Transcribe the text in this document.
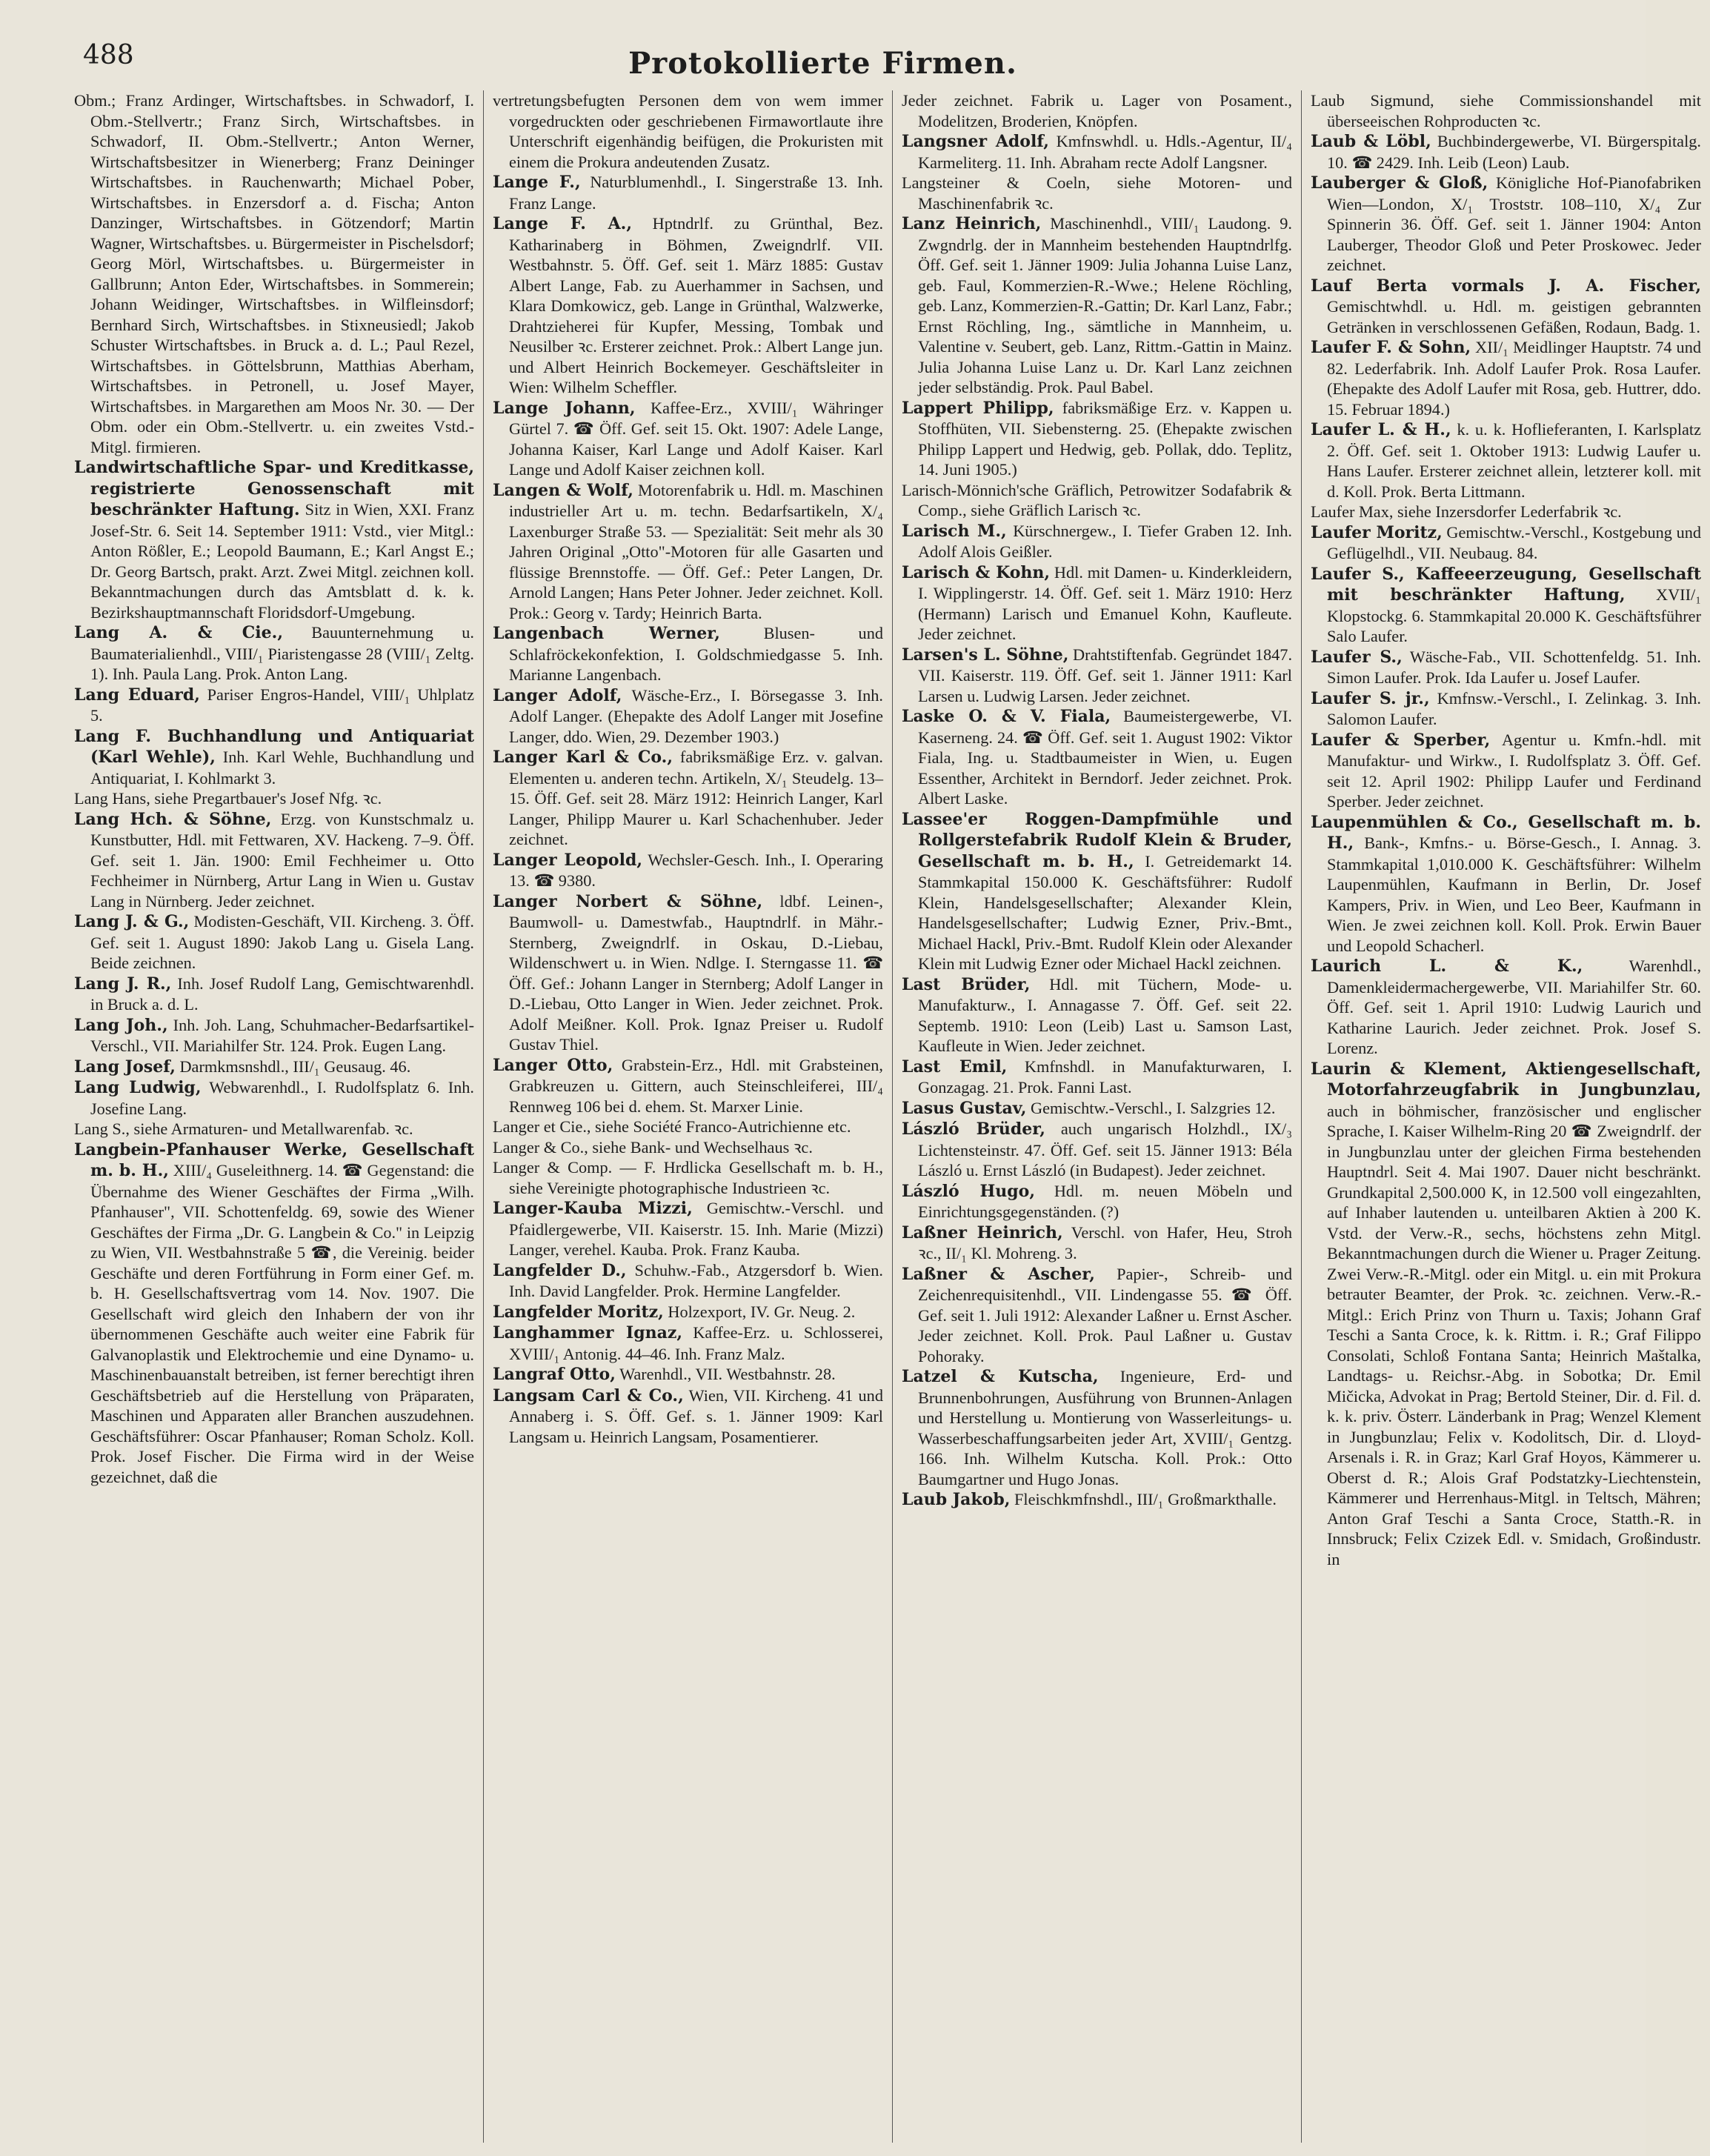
488	Protokollierte Firmen.

Obm.; Franz Ardinger, Wirtschaftsbes. in Schwadorf, I. Obm.-Stellvertr.; Franz Sirch, Wirtschaftsbes. in Schwadorf, II. Obm.-Stellvertr.; Anton Werner, Wirtschaftsbesitzer in Wienerberg; Franz Deininger Wirtschaftsbes. in Rauchenwarth; Michael Pober, Wirtschaftsbes. in Enzersdorf a. d. Fischa; Anton Danzinger, Wirtschaftsbes. in Götzendorf; Martin Wagner, Wirtschaftsbes. u. Bürgermeister in Pischelsdorf; Georg Mörl, Wirtschaftsbes. u. Bürgermeister in Gallbrunn; Anton Eder, Wirtschaftsbes. in Sommerein; Johann Weidinger, Wirtschaftsbes. in Wilfleinsdorf; Bernhard Sirch, Wirtschaftsbes. in Stixneusiedl; Jakob Schuster Wirtschaftsbes. in Bruck a. d. L.; Paul Rezel, Wirtschaftsbes. in Göttelsbrunn, Matthias Aberham, Wirtschaftsbes. in Petronell, u. Josef Mayer, Wirtschaftsbes. in Margarethen am Moos Nr. 30. — Der Obm. oder ein Obm.-Stellvertr. u. ein zweites Vstd.-Mitgl. firmieren.

Landwirtschaftliche Spar- und Kreditkasse, registrierte Genossenschaft mit beschränkter Haftung. Sitz in Wien, XXI. Franz Josef-Str. 6. Seit 14. September 1911: Vstd., vier Mitgl.: Anton Rößler, E.; Leopold Baumann, E.; Karl Angst E.; Dr. Georg Bartsch, prakt. Arzt. Zwei Mitgl. zeichnen koll. Bekanntmachungen durch das Amtsblatt d. k. k. Bezirkshauptmannschaft Floridsdorf-Umgebung.

Lang A. & Cie., Bauunternehmung u. Baumaterialienhdl., VIII/₁ Piaristengasse 28 (VIII/₁ Zeltg. 1). Inh. Paula Lang. Prok. Anton Lang.

Lang Eduard, Pariser Engros-Handel, VIII/₁ Uhlplatz 5.

Lang F. Buchhandlung und Antiquariat (Karl Wehle), Inh. Karl Wehle, Buchhandlung und Antiquariat, I. Kohlmarkt 3.

Lang Hans, siehe Pregartbauer's Josef Nfg. ꝛc.

Lang Hch. & Söhne, Erzg. von Kunstschmalz u. Kunstbutter, Hdl. mit Fettwaren, XV. Hackeng. 7–9. Öff. Gef. seit 1. Jän. 1900: Emil Fechheimer u. Otto Fechheimer in Nürnberg, Artur Lang in Wien u. Gustav Lang in Nürnberg. Jeder zeichnet.

Lang J. & G., Modisten-Geschäft, VII. Kircheng. 3. Öff. Gef. seit 1. August 1890: Jakob Lang u. Gisela Lang. Beide zeichnen.

Lang J. R., Inh. Josef Rudolf Lang, Gemischtwarenhdl. in Bruck a. d. L.

Lang Joh., Inh. Joh. Lang, Schuhmacher-Bedarfsartikel-Verschl., VII. Mariahilfer Str. 124. Prok. Eugen Lang.

Lang Josef, Darmkmsnshdl., III/₁ Geusaug. 46.

Lang Ludwig, Webwarenhdl., I. Rudolfsplatz 6. Inh. Josefine Lang.

Lang S., siehe Armaturen- und Metallwarenfab. ꝛc.

Langbein-Pfanhauser Werke, Gesellschaft m. b. H., XIII/₄ Guseleithnerg. 14. ☎ Gegenstand: die Übernahme des Wiener Geschäftes der Firma „Wilh. Pfanhauser", VII. Schottenfeldg. 69, sowie des Wiener Geschäftes der Firma „Dr. G. Langbein & Co." in Leipzig zu Wien, VII. Westbahnstraße 5 ☎, die Vereinig. beider Geschäfte und deren Fortführung in Form einer Gef. m. b. H. Gesellschaftsvertrag vom 14. Nov. 1907. Die Gesellschaft wird gleich den Inhabern der von ihr übernommenen Geschäfte auch weiter eine Fabrik für Galvanoplastik und Elektrochemie und eine Dynamo- u. Maschinenbauanstalt betreiben, ist ferner berechtigt ihren Geschäftsbetrieb auf die Herstellung von Präparaten, Maschinen und Apparaten aller Branchen auszudehnen. Geschäftsführer: Oscar Pfanhauser; Roman Scholz. Koll. Prok. Josef Fischer. Die Firma wird in der Weise gezeichnet, daß die

vertretungsbefugten Personen dem von wem immer vorgedruckten oder geschriebenen Firmawortlaute ihre Unterschrift eigenhändig beifügen, die Prokuristen mit einem die Prokura andeutenden Zusatz.

Lange F., Naturblumenhdl., I. Singerstraße 13. Inh. Franz Lange.

Lange F. A., Hptndrlf. zu Grünthal, Bez. Katharinaberg in Böhmen, Zweigndrlf. VII. Westbahnstr. 5. Öff. Gef. seit 1. März 1885: Gustav Albert Lange, Fab. zu Auerhammer in Sachsen, und Klara Domkowicz, geb. Lange in Grünthal, Walzwerke, Drahtzieherei für Kupfer, Messing, Tombak und Neusilber ꝛc. Ersterer zeichnet. Prok.: Albert Lange jun. und Albert Heinrich Bockemeyer. Geschäftsleiter in Wien: Wilhelm Scheffler.

Lange Johann, Kaffee-Erz., XVIII/₁ Währinger Gürtel 7. ☎ Öff. Gef. seit 15. Okt. 1907: Adele Lange, Johanna Kaiser, Karl Lange und Adolf Kaiser. Karl Lange und Adolf Kaiser zeichnen koll.

Langen & Wolf, Motorenfabrik u. Hdl. m. Maschinen industrieller Art u. m. techn. Bedarfsartikeln, X/₄ Laxenburger Straße 53. — Spezialität: Seit mehr als 30 Jahren Original „Otto"-Motoren für alle Gasarten und flüssige Brennstoffe. — Öff. Gef.: Peter Langen, Dr. Arnold Langen; Hans Peter Johner. Jeder zeichnet. Koll. Prok.: Georg v. Tardy; Heinrich Barta.

Langenbach Werner,	Blusen- und Schlafröckekonfektion, I. Goldschmiedgasse 5. Inh. Marianne Langenbach.

Langer Adolf, Wäsche-Erz., I. Börsegasse 3. Inh. Adolf Langer. (Ehepakte des Adolf Langer mit Josefine Langer, ddo. Wien, 29. Dezember 1903.)

Langer Karl & Co., fabriksmäßige Erz. v. galvan. Elementen u. anderen techn. Artikeln, X/₁ Steudelg. 13–15. Öff. Gef. seit 28. März 1912: Heinrich Langer, Karl Langer, Philipp Maurer u. Karl Schachenhuber. Jeder zeichnet.

Langer Leopold, Wechsler-Gesch. Inh., I. Operaring 13. ☎ 9380.

Langer Norbert & Söhne, ldbf. Leinen-, Baumwoll- u. Damestwfab., Hauptndrlf. in Mähr.-Sternberg, Zweigndrlf. in Oskau, D.-Liebau, Wildenschwert u. in Wien. Ndlge. I. Sterngasse 11. ☎ Öff. Gef.: Johann Langer in Sternberg; Adolf Langer in D.-Liebau, Otto Langer in Wien. Jeder zeichnet. Prok. Adolf Meißner. Koll. Prok. Ignaz Preiser u. Rudolf Gustav Thiel.

Langer Otto, Grabstein-Erz., Hdl. mit Grabsteinen, Grabkreuzen u. Gittern, auch Steinschleiferei, III/₄ Rennweg 106 bei d. ehem. St. Marxer Linie.

Langer et Cie., siehe Société Franco-Autrichienne etc.

Langer & Co., siehe Bank- und Wechselhaus ꝛc.

Langer & Comp. — F. Hrdlicka Gesellschaft m. b. H., siehe Vereinigte photographische Industrieen ꝛc.

Langer-Kauba Mizzi, Gemischtw.-Verschl. und Pfaidlergewerbe, VII. Kaiserstr. 15. Inh. Marie (Mizzi) Langer, verehel. Kauba. Prok. Franz Kauba.

Langfelder D., Schuhw.-Fab., Atzgersdorf b. Wien. Inh. David Langfelder. Prok. Hermine Langfelder.

Langfelder Moritz, Holzexport, IV. Gr. Neug. 2.

Langhammer Ignaz, Kaffee-Erz. u. Schlosserei, XVIII/₁ Antonig. 44–46. Inh. Franz Malz.

Langraf Otto, Warenhdl., VII. Westbahnstr. 28.

Langsam Carl & Co., Wien, VII. Kircheng. 41 und Annaberg i. S. Öff. Gef. s. 1. Jänner 1909: Karl Langsam u. Heinrich Langsam, Posamentierer.

Jeder zeichnet. Fabrik u. Lager von Posament., Modelitzen, Broderien, Knöpfen.

Langsner Adolf, Kmfnswhdl. u. Hdls.-Agentur, II/₄ Karmeliterg. 11. Inh. Abraham recte Adolf Langsner.

Langsteiner & Coeln, siehe Motoren- und Maschinenfabrik ꝛc.

Lanz Heinrich, Maschinenhdl., VIII/₁ Laudong. 9. Zwgndrlg. der in Mannheim bestehenden Hauptndrlfg. Öff. Gef. seit 1. Jänner 1909: Julia Johanna Luise Lanz, geb. Faul, Kommerzien-R.-Wwe.; Helene Röchling, geb. Lanz, Kommerzien-R.-Gattin; Dr. Karl Lanz, Fabr.; Ernst Röchling, Ing., sämtliche in Mannheim, u. Valentine v. Seubert, geb. Lanz, Rittm.-Gattin in Mainz. Julia Johanna Luise Lanz u. Dr. Karl Lanz zeichnen jeder selbständig. Prok. Paul Babel.

Lappert Philipp, fabriksmäßige Erz. v. Kappen u. Stoffhüten, VII. Siebensterng. 25. (Ehepakte zwischen Philipp Lappert und Hedwig, geb. Pollak, ddo. Teplitz, 14. Juni 1905.)

Larisch-Mönnich'sche Gräflich, Petrowitzer Sodafabrik & Comp., siehe Gräflich Larisch ꝛc.

Larisch M., Kürschnergew., I. Tiefer Graben 12. Inh. Adolf Alois Geißler.

Larisch & Kohn, Hdl. mit Damen- u. Kinderkleidern, I. Wipplingerstr. 14. Öff. Gef. seit 1. März 1910: Herz (Hermann) Larisch und Emanuel Kohn, Kaufleute. Jeder zeichnet.

Larsen's L. Söhne, Drahtstiftenfab. Gegründet 1847. VII. Kaiserstr. 119. Öff. Gef. seit 1. Jänner 1911: Karl Larsen u. Ludwig Larsen. Jeder zeichnet.

Laske O. & V. Fiala, Baumeistergewerbe, VI. Kaserneng. 24. ☎ Öff. Gef. seit 1. August 1902: Viktor Fiala, Ing. u. Stadtbaumeister in Wien, u. Eugen Essenther, Architekt in Berndorf. Jeder zeichnet. Prok. Albert Laske.

Lassee'er Roggen-Dampfmühle und Rollgerstefabrik Rudolf Klein & Bruder, Gesellschaft m. b. H., I. Getreidemarkt 14. Stammkapital 150.000 K. Geschäftsführer: Rudolf Klein, Handelsgesellschafter; Alexander Klein, Handelsgesellschafter; Ludwig Ezner, Priv.-Bmt., Michael Hackl, Priv.-Bmt. Rudolf Klein oder Alexander Klein mit Ludwig Ezner oder Michael Hackl zeichnen.

Last Brüder, Hdl. mit Tüchern, Mode- u. Manufakturw., I. Annagasse 7. Öff. Gef. seit 22. Septemb. 1910: Leon (Leib) Last u. Samson Last, Kaufleute in Wien. Jeder zeichnet.

Last Emil, Kmfnshdl. in Manufakturwaren, I. Gonzagag. 21. Prok. Fanni Last.

Lasus Gustav, Gemischtw.-Verschl., I. Salzgries 12.

László Brüder, auch ungarisch Holzhdl., IX/₃ Lichtensteinstr. 47. Öff. Gef. seit 15. Jänner 1913: Béla László u. Ernst László (in Budapest). Jeder zeichnet.

László Hugo, Hdl. m. neuen Möbeln und Einrichtungsgegenständen. (?)

Laßner Heinrich, Verschl. von Hafer, Heu, Stroh ꝛc., II/₁ Kl. Mohreng. 3.

Laßner & Ascher, Papier-, Schreib- und Zeichenrequisitenhdl., VII. Lindengasse 55. ☎ Öff. Gef. seit 1. Juli 1912: Alexander Laßner u. Ernst Ascher. Jeder zeichnet. Koll. Prok. Paul Laßner u. Gustav Pohoraky.

Latzel & Kutscha, Ingenieure, Erd- und Brunnenbohrungen, Ausführung von Brunnen-Anlagen und Herstellung u. Montierung von Wasserleitungs- u. Wasserbeschaffungsarbeiten jeder Art, XVIII/₁ Gentzg. 166. Inh. Wilhelm Kutscha. Koll. Prok.: Otto Baumgartner und Hugo Jonas.

Laub Jakob, Fleischkmfnshdl., III/₁ Großmarkthalle.

Laub Sigmund, siehe Commissionshandel mit überseeischen Rohproducten ꝛc.

Laub & Löbl, Buchbindergewerbe, VI. Bürgerspitalg. 10. ☎ 2429. Inh. Leib (Leon) Laub.

Lauberger & Gloß, Königliche Hof-Pianofabriken Wien—London, X/₁ Troststr. 108–110, X/₄ Zur Spinnerin 36. Öff. Gef. seit 1. Jänner 1904: Anton Lauberger, Theodor Gloß und Peter Proskowec. Jeder zeichnet.

Lauf Berta vormals J. A. Fischer, Gemischtwhdl. u. Hdl. m. geistigen gebrannten Getränken in verschlossenen Gefäßen, Rodaun, Badg. 1.

Laufer F. & Sohn, XII/₁ Meidlinger Hauptstr. 74 und 82. Lederfabrik. Inh. Adolf Laufer Prok. Rosa Laufer. (Ehepakte des Adolf Laufer mit Rosa, geb. Huttrer, ddo. 15. Februar 1894.)

Laufer L. & H., k. u. k. Hoflieferanten, I. Karlsplatz 2. Öff. Gef. seit 1. Oktober 1913: Ludwig Laufer u. Hans Laufer. Ersterer zeichnet allein, letzterer koll. mit d. Koll. Prok. Berta Littmann.

Laufer Max, siehe Inzersdorfer Lederfabrik ꝛc.

Laufer Moritz, Gemischtw.-Verschl., Kostgebung und Geflügelhdl., VII. Neubaug. 84.

Laufer S., Kaffeeerzeugung, Gesellschaft mit beschränkter Haftung, XVII/₁ Klopstockg. 6. Stammkapital 20.000 K. Geschäftsführer Salo Laufer.

Laufer S., Wäsche-Fab., VII. Schottenfeldg. 51. Inh. Simon Laufer. Prok. Ida Laufer u. Josef Laufer.

Laufer S. jr., Kmfnsw.-Verschl., I. Zelinkag. 3. Inh. Salomon Laufer.

Laufer & Sperber, Agentur u. Kmfn.-hdl. mit Manufaktur- und Wirkw., I. Rudolfsplatz 3. Öff. Gef. seit 12. April 1902: Philipp Laufer und Ferdinand Sperber. Jeder zeichnet.

Laupenmühlen & Co., Gesellschaft m. b. H., Bank-, Kmfns.- u. Börse-Gesch., I. Annag. 3. Stammkapital 1,010.000 K. Geschäftsführer: Wilhelm Laupenmühlen, Kaufmann in Berlin, Dr. Josef Kampers, Priv. in Wien, und Leo Beer, Kaufmann in Wien. Je zwei zeichnen koll. Koll. Prok. Erwin Bauer und Leopold Schacherl.

Laurich L. & K.,	Warenhdl., Damenkleidermachergewerbe, VII. Mariahilfer Str. 60. Öff. Gef. seit 1. April 1910: Ludwig Laurich und Katharine Laurich. Jeder zeichnet. Prok. Josef S. Lorenz.

Laurin & Klement, Aktiengesellschaft, Motorfahrzeugfabrik in Jungbunzlau, auch in böhmischer, französischer und englischer Sprache, I. Kaiser Wilhelm-Ring 20 ☎ Zweigndrlf. der in Jungbunzlau unter der gleichen Firma bestehenden Hauptndrl. Seit 4. Mai 1907. Dauer nicht beschränkt. Grundkapital 2,500.000 K, in 12.500 voll eingezahlten, auf Inhaber lautenden u. unteilbaren Aktien à 200 K. Vstd. der Verw.-R., sechs, höchstens zehn Mitgl. Bekanntmachungen durch die Wiener u. Prager Zeitung. Zwei Verw.-R.-Mitgl. oder ein Mitgl. u. ein mit Prokura betrauter Beamter, der Prok. ꝛc. zeichnen. Verw.-R.-Mitgl.: Erich Prinz von Thurn u. Taxis; Johann Graf Teschi a Santa Croce, k. k. Rittm. i. R.; Graf Filippo Consolati, Schloß Fontana Santa; Heinrich Maštalka, Landtags- u. Reichsr.-Abg. in Sobotka; Dr. Emil Mičicka, Advokat in Prag; Bertold Steiner, Dir. d. Fil. d. k. k. priv. Österr. Länderbank in Prag; Wenzel Klement in Jungbunzlau; Felix v. Kodolitsch, Dir. d. Lloyd-Arsenals i. R. in Graz; Karl Graf Hoyos, Kämmerer u. Oberst d. R.; Alois Graf Podstatzky-Liechtenstein, Kämmerer und Herrenhaus-Mitgl. in Teltsch, Mähren; Anton Graf Teschi a Santa Croce, Statth.-R. in Innsbruck; Felix Czizek Edl. v. Smidach, Großindustr. in
